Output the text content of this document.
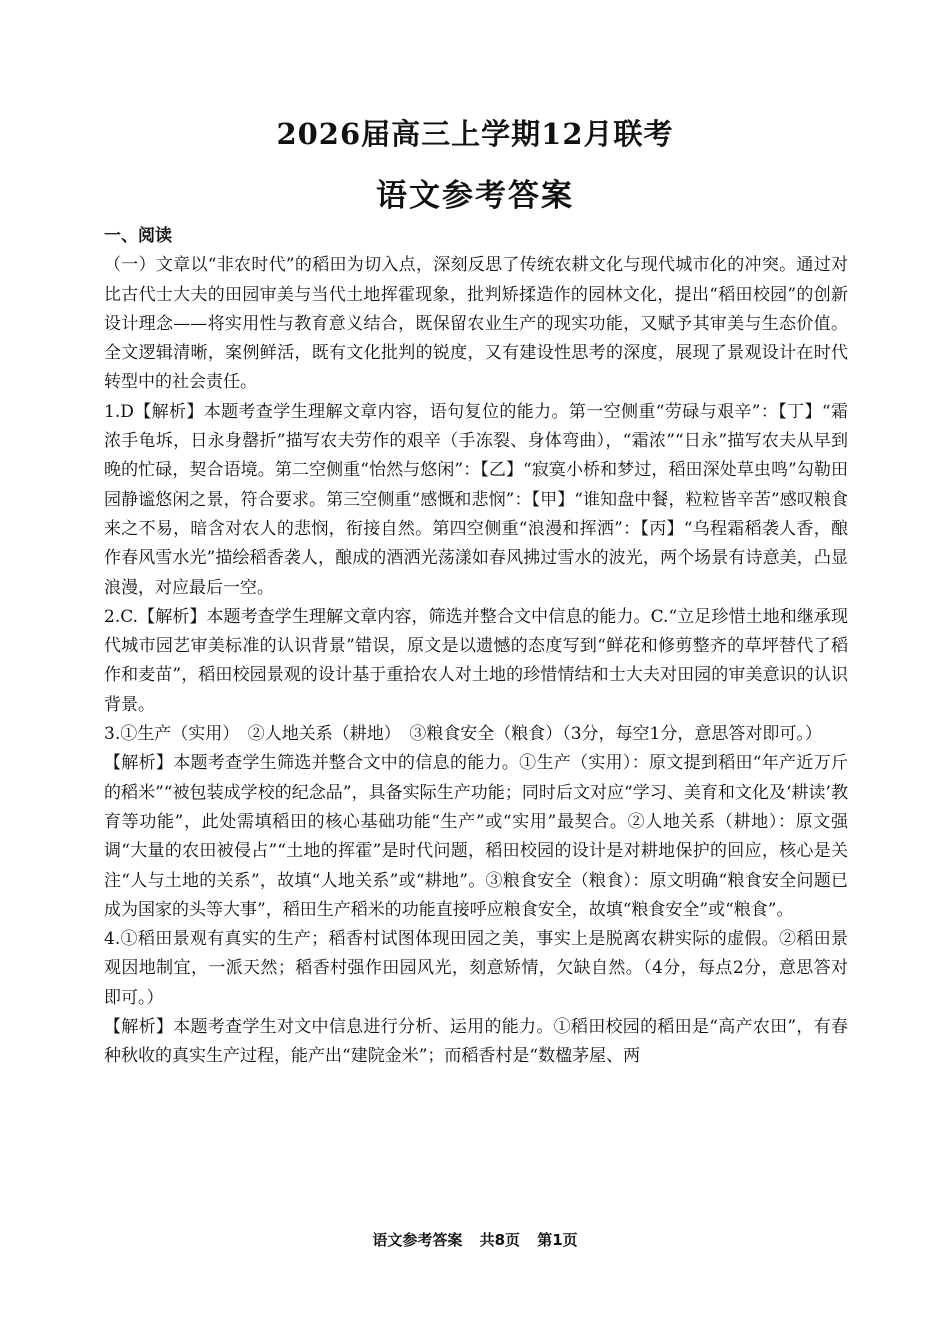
2026届高三上学期12月联考
语文参考答案

一、阅读

（一）文章以“非农时代”的稻田为切入点，深刻反思了传统农耕文化与现代城市化的冲突。通过对比古代士大夫的田园审美与当代土地挥霍现象，批判矫揉造作的园林文化，提出“稻田校园”的创新设计理念——将实用性与教育意义结合，既保留农业生产的现实功能，又赋予其审美与生态价值。全文逻辑清晰，案例鲜活，既有文化批判的锐度，又有建设性思考的深度，展现了景观设计在时代转型中的社会责任。

1.D【解析】本题考查学生理解文章内容，语句复位的能力。第一空侧重“劳碌与艰辛”：【丁】“霜浓手龟坼，日永身罄折”描写农夫劳作的艰辛（手冻裂、身体弯曲），“霜浓”“日永”描写农夫从早到晚的忙碌，契合语境。第二空侧重“怡然与悠闲”：【乙】“寂寞小桥和梦过，稻田深处草虫鸣”勾勒田园静谧悠闲之景，符合要求。第三空侧重“感慨和悲悯”：【甲】“谁知盘中餐，粒粒皆辛苦”感叹粮食来之不易，暗含对农人的悲悯，衔接自然。第四空侧重“浪漫和挥洒”：【丙】“乌程霜稻袭人香，酿作春风雪水光”描绘稻香袭人，酿成的酒洒光荡漾如春风拂过雪水的波光，两个场景有诗意美，凸显浪漫，对应最后一空。

2.C.【解析】本题考查学生理解文章内容，筛选并整合文中信息的能力。C.“立足珍惜土地和继承现代城市园艺审美标准的认识背景”错误，原文是以遗憾的态度写到“鲜花和修剪整齐的草坪替代了稻作和麦苗”，稻田校园景观的设计基于重拾农人对土地的珍惜情结和士大夫对田园的审美意识的认识背景。

3.①生产（实用）　②人地关系（耕地）　③粮食安全（粮食）（3分，每空1分，意思答对即可。）

【解析】本题考查学生筛选并整合文中的信息的能力。①生产（实用）：原文提到稻田“年产近万斤的稻米”“被包装成学校的纪念品”，具备实际生产功能；同时后文对应“学习、美育和文化及‘耕读’教育等功能”，此处需填稻田的核心基础功能“生产”或“实用”最契合。②人地关系（耕地）：原文强调“大量的农田被侵占”“土地的挥霍”是时代问题，稻田校园的设计是对耕地保护的回应，核心是关注“人与土地的关系”，故填“人地关系”或“耕地”。③粮食安全（粮食）：原文明确“粮食安全问题已成为国家的头等大事”，稻田生产稻米的功能直接呼应粮食安全，故填“粮食安全”或“粮食”。

4.①稻田景观有真实的生产；稻香村试图体现田园之美，事实上是脱离农耕实际的虚假。②稻田景观因地制宜，一派天然；稻香村强作田园风光，刻意矫情，欠缺自然。（4分，每点2分，意思答对即可。）

【解析】本题考查学生对文中信息进行分析、运用的能力。①稻田校园的稻田是“高产农田”，有春种秋收的真实生产过程，能产出“建院金米”；而稻香村是“数楹茅屋、两

语文参考答案 共8页 第1页
